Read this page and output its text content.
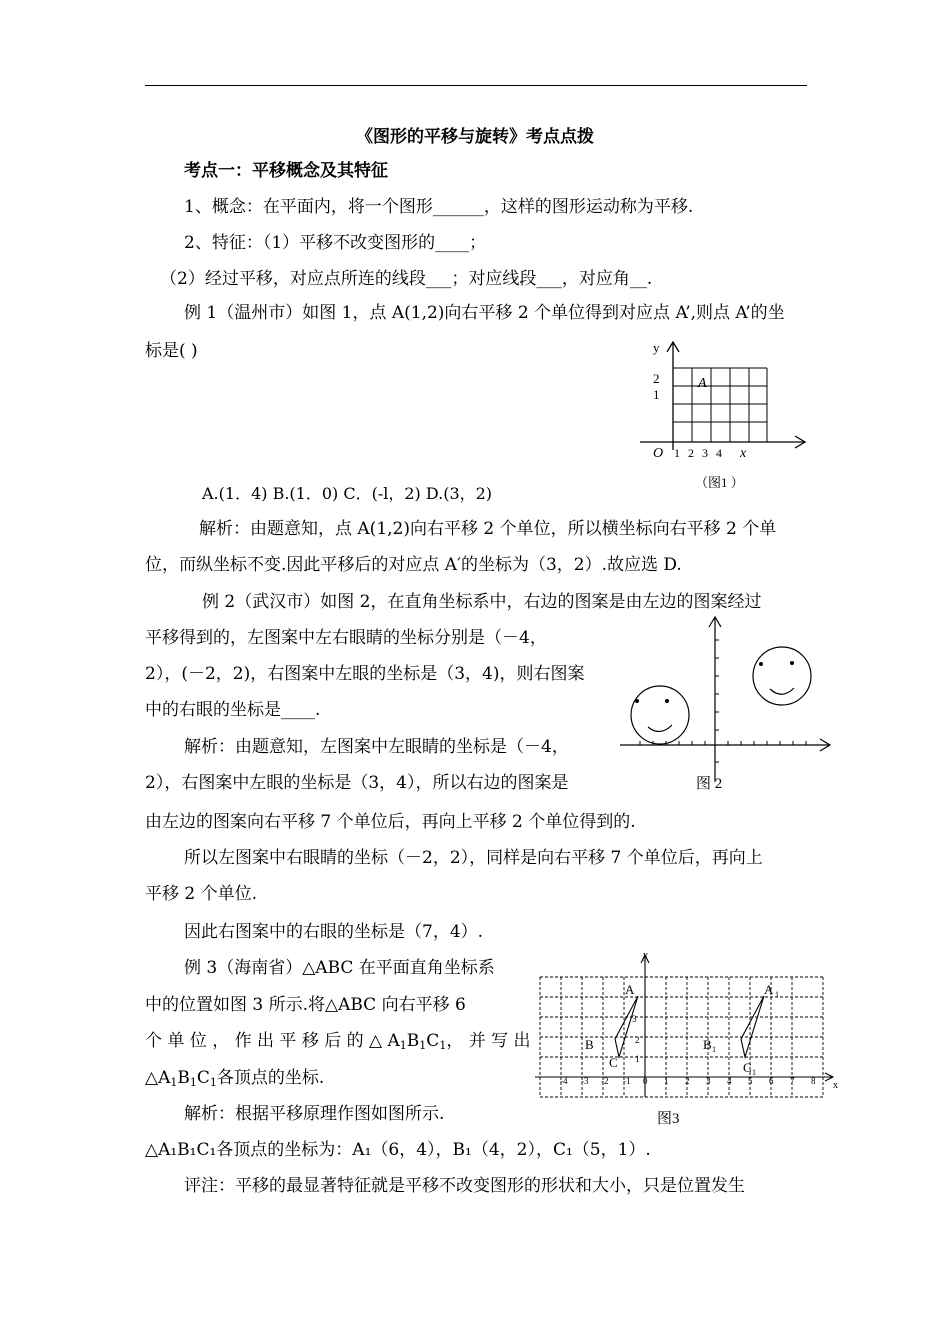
《图形的平移与旋转》考点点拨
考点一：平移概念及其特征
1、概念：在平面内，将一个图形______，这样的图形运动称为平移.
2、特征：（1）平移不改变图形的____；
（2）经过平移，对应点所连的线段___；对应线段___，对应角__.
例 1（温州市）如图 1，点 A(1,2)向右平移 2 个单位得到对应点 A’,则点 A’的坐
标是( )	y
2
1
A
O 1 2 3 4 x
（图1 ）
A.(1．4) B.(1．0) C．(-l，2) D.(3，2)
解析：由题意知，点 A(1,2)向右平移 2 个单位，所以横坐标向右平移 2 个单
位，而纵坐标不变.因此平移后的对应点 A′的坐标为（3，2）.故应选 D.
例 2（武汉市）如图 2，在直角坐标系中，右边的图案是由左边的图案经过
平移得到的，左图案中左右眼睛的坐标分别是（－4，
2），(－2，2)，右图案中左眼的坐标是（3，4)，则右图案
中的右眼的坐标是____.
解析：由题意知，左图案中左眼睛的坐标是（－4，
2），右图案中左眼的坐标是（3，4），所以右边的图案是
由左边的图案向右平移 7 个单位后，再向上平移 2 个单位得到的.
图 2
所以左图案中右眼睛的坐标（－2，2），同样是向右平移 7 个单位后，再向上
平移 2 个单位.
因此右图案中的右眼的坐标是（7，4）.
例 3（海南省）△ABC 在平面直角坐标系
中的位置如图 3 所示.将△ABC 向右平移 6
个 单 位 ， 作 出 平 移 后 的 △ $A_1B_1C_1$， 并 写 出
$\triangle A_1B_1C_1$各顶点的坐标.
解析：根据平移原理作图如图所示.
△A₁B₁C₁各顶点的坐标为：A₁（6，4），B₁（4，2），C₁（5，1）.
评注：平移的最显著特征就是平移不改变图形的形状和大小，只是位置发生
y
x
A
B
C
A 1
B 1
C 1
3
2
1
-4 -3 -2 -1 0 1 2 3 4 5 6 7 8
图3
